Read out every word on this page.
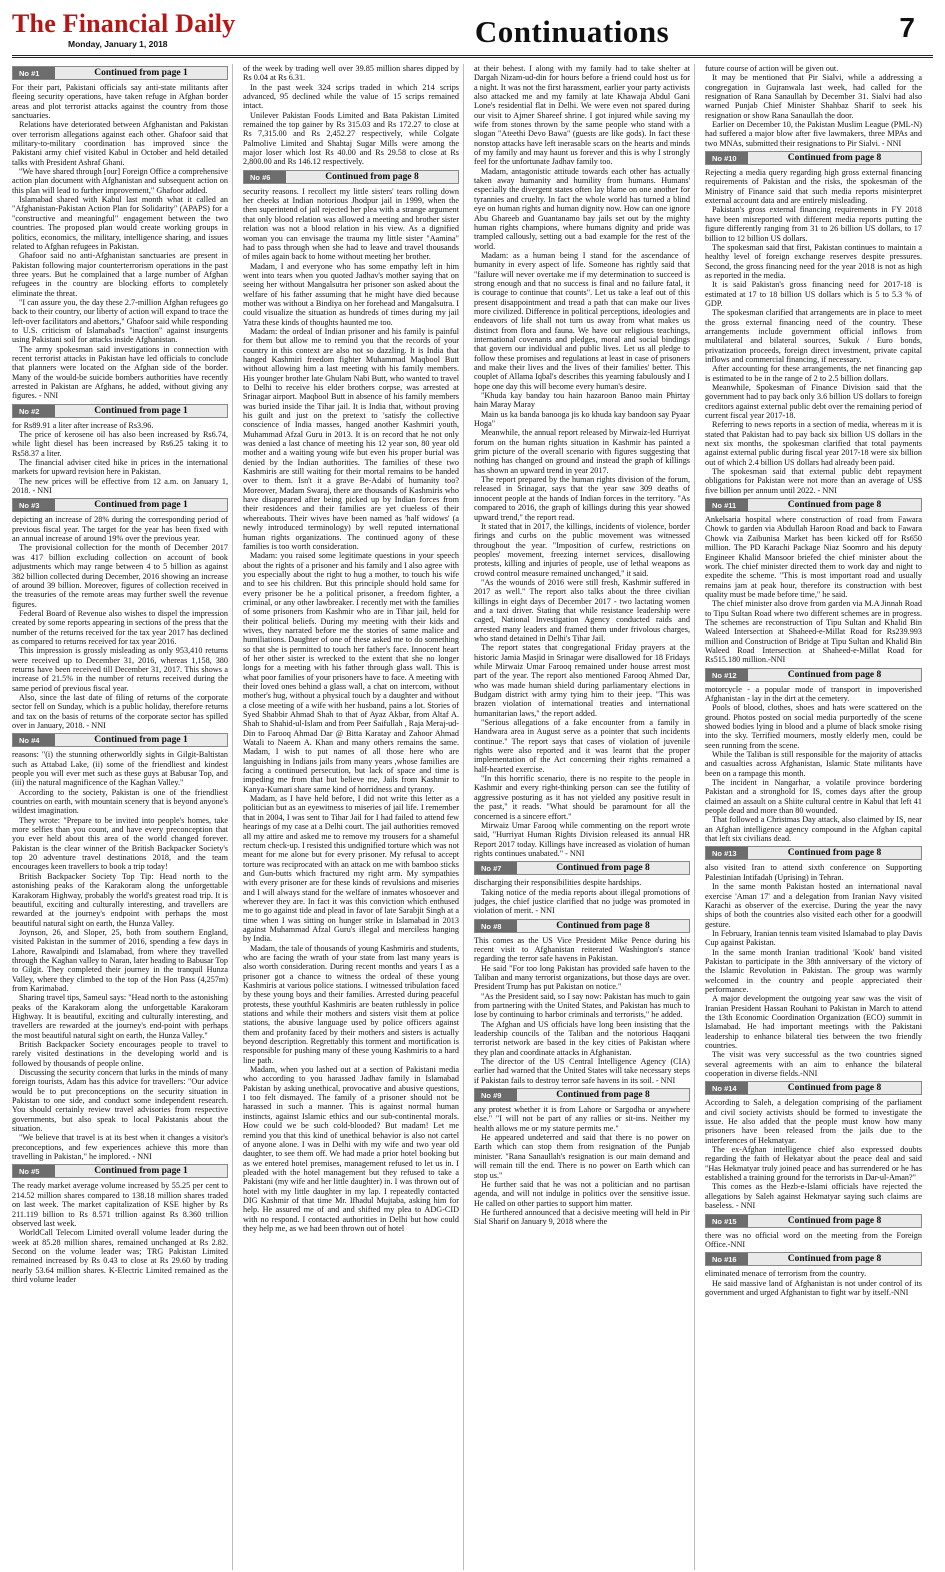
The Financial Daily
Monday, January 1, 2018	Continuations	7
No #1	Continued from page 1

For their part, Pakistani officials say anti-state militants after fleeing security operations, have taken refuge in Afghan border areas and plot terrorist attacks against the country from those sanctuaries.

Relations have deteriorated between Afghanistan and Pakistan over terrorism allegations against each other. Ghafoor said that military-to-military coordination has improved since the Pakistani army chief visited Kabul in October and held detailed talks with President Ashraf Ghani.

"We have shared through [our] Foreign Office a comprehensive action plan document with Afghanistan and subsequent action on this plan will lead to further improvement," Ghafoor added.

Islamabad shared with Kabul last month what it called an "Afghanistan-Pakistan Action Plan for Solidarity" (APAPS) for a "constructive and meaningful" engagement between the two countries. The proposed plan would create working groups in politics, economics, the military, intelligence sharing, and issues related to Afghan refugees in Pakistan.

Ghafoor said no anti-Afghanistan sanctuaries are present in Pakistan following major counterterrorism operations in the past three years. But he complained that a large number of Afghan refugees in the country are blocking efforts to completely eliminate the threat.

"I can assure you, the day these 2.7-million Afghan refugees go back to their country, our liberty of action will expand to trace the left-over facilitators and abettors," Ghafoor said while responding to U.S. criticism of Islamabad's "inaction" against insurgents using Pakistani soil for attacks inside Afghanistan.

The army spokesman said investigations in connection with recent terrorist attacks in Pakistan have led officials to conclude that planners were located on the Afghan side of the border. Many of the would-be suicide bombers authorities have recently arrested in Pakistan are Afghans, he added, without giving any figures. - NNI

No #2	Continued from page 1

for Rs89.91 a liter after increase of Rs3.96.

The price of kerosene oil has also been increased by Rs6.74, while light diesel has been increased by Rs6.25 taking it to Rs58.37 a liter.

The financial adviser cited hike in prices in the international markets for upward revision here in Pakistan.

The new prices will be effective from 12 a.m. on January 1, 2018. - NNI

No #3	Continued from page 1

depicting an increase of 28% during the corresponding period of previous fiscal year. The target for the year has been fixed with an annual increase of around 19% over the previous year.

The provisional collection for the month of December 2017 was 417 billion excluding collection on account of book adjustments which may range between 4 to 5 billion as against 382 billion collected during December, 2016 showing an increase of around 39 billion. Moreover, figures of collection received in the treasuries of the remote areas may further swell the revenue figures.

Federal Board of Revenue also wishes to dispel the impression created by some reports appearing in sections of the press that the number of the returns received for the tax year 2017 has declined as compared to returns received for tax year 2016.

This impression is grossly misleading as only 953,410 returns were received up to December 31, 2016, whereas 1,158, 380 returns have been received till December 31, 2017. This shows a increase of 21.5% in the number of returns received during the same period of previous fiscal year.

Also, since the last date of filing of returns of the corporate sector fell on Sunday, which is a public holiday, therefore returns and tax on the basis of returns of the corporate sector has spilled over in January, 2018. - NNI

No #4	Continued from page 1

reasons: "(i) the stunning otherworldly sights in Gilgit-Baltistan such as Attabad Lake, (ii) some of the friendliest and kindest people you will ever met such as these guys at Babusar Top, and (iii) the natural magnificence of the Kaghan Valley."

According to the society, Pakistan is one of the friendliest countries on earth, with mountain scenery that is beyond anyone's wildest imagination.

They wrote: "Prepare to be invited into people's homes, take more selfies than you count, and have every preconception that you ever held about this area of the world changed forever. Pakistan is the clear winner of the British Backpacker Society's top 20 adventure travel destinations 2018, and the team encourages keen travellers to book a trip today!

British Backpacker Society Top Tip: Head north to the astonishing peaks of the Karakoram along the unforgettable Karakoram Highway, probably the world's greatest road trip. It is beautiful, exciting and culturally interesting, and travellers are rewarded at the journey's endpoint with perhaps the most beautiful natural sight on earth, the Hunza Valley.

Joynson, 26, and Sloper, 25, both from southern England, visited Pakistan in the summer of 2016, spending a few days in Lahore, Rawalpindi and Islamabad, from where they travelled through the Kaghan valley to Naran, later heading to Babusar Top to Gilgit. They completed their journey in the tranquil Hunza Valley, where they climbed to the top of the Hon Pass (4,257m) from Karimabad.

Sharing travel tips, Sameul says: "Head north to the astonishing peaks of the Karakoram along the unforgettable Karakoram Highway. It is beautiful, exciting and culturally interesting, and travellers are rewarded at the journey's end-point with perhaps the most beautiful natural sight on earth, the Hunza Valley."

British Backpacker Society encourages people to travel to rarely visited destinations in the developing world and is followed by thousands of people online.

Discussing the security concern that lurks in the minds of many foreign tourists, Adam has this advice for travellers: "Our advice would be to put preconceptions on the security situation in Pakistan to one side, and conduct some independent research. You should certainly review travel advisories from respective governments, but also speak to local Pakistanis about the situation.

"We believe that travel is at its best when it changes a visitor's preconceptions, and few experiences achieve this more than travelling in Pakistan," he implored. - NNI

No #5	Continued from page 1

The ready market average volume increased by 55.25 per cent to 214.52 million shares compared to 138.18 million shares traded on last week. The market capitalization of KSE higher by Rs 211.119 billion to Rs 8.571 trillion against Rs 8.360 trillion observed last week.

WorldCall Telecom Limited overall volume leader during the week at 85.28 million shares, remained unchanged at Rs 2.82. Second on the volume leader was; TRG Pakistan Limited remained increased by Rs 0.43 to close at Rs 29.60 by trading nearly 53.64 million shares. K-Electric Limited remained as the third volume leader

of the week by trading well over 39.85 million shares dipped by Rs 0.04 at Rs 6.31.

In the past week 324 scrips traded in which 214 scrips advanced, 95 declined while the value of 15 scrips remained intact.

Unilever Pakistan Foods Limited and Bata Pakistan Limited remained the top gainer by Rs 315.03 and Rs 172.27 to close at Rs 7,315.00 and Rs 2,452.27 respectively, while Colgate Palmolive Limited and Shahtaj Sugar Mills were among the major loser which lost Rs 40.00 and Rs 29.58 to close at Rs 2,800.00 and Rs 146.12 respectively.

No #6	Continued from page 8

security reasons. I recollect my little sisters' tears rolling down her cheeks at Indian notorious Jhodpur jail in 1999, when the then superintend of jail rejected her plea with a strange argument that only blood relation was allowed a meeting and brother sister relation was not a blood relation in his view. As a dignified woman you can envisage the trauma my little sister "Aamina" had to pass through when she had to leave and travel thousands of miles again back to home without meeting her brother.

Madam, I and everyone who has some empathy left in him went into tears when you quoted Jadhav's mother saying that on seeing her without Mangalsutra her prisoner son asked about the welfare of his father assuming that he might have died because mother was without a Bindiya on her forehead and Mangalsutra. I could visualize the situation as hundreds of times during my jail Yatra these kinds of thoughts haunted me too.

Madam: the ordeal of Indian prisoner and his family is painful for them but allow me to remind you that the records of your country in this context are also not so dazzling. It is India that hanged Kashmiri freedom fighter Muhammad Maqbool Butt without allowing him a last meeting with his family members. His younger brother late Ghulam Nabi Butt, who wanted to travel to Delhi to receive his elder brothers corpse, was arrested at Srinagar airport. Maqbool Butt in absence of his family members was buried inside the Tihar jail. It is India that, without proving his guilt and just on the pretext to 'satisfy the collective conscience of India masses, hanged another Kashmiri youth, Muhammad Afzal Guru in 2013. It is on record that he not only was denied a last chance of meeting his 12 year son, 80 year old mother and a waiting young wife but even his proper burial was denied by the Indian authorities. The families of these two Kashmiris are still waiting for their mortal remains to be handed over to them. Isn't it a grave Be-Adabi of humanity too? Moreover, Madam Swaraj, there are thousands of Kashmiris who have disappeared after being picked up by Indian forces from their residences and their families are yet clueless of their whereabouts. Their wives have been named as 'half widows' (a newly introduced terminology) by well reputed international human rights organizations. The continued agony of these families is too worth consideration.

Madam: you raised some legitimate questions in your speech about the rights of a prisoner and his family and I also agree with you especially about the right to hug a mother, to touch his wife and to see his children. But this principle should hold same for every prisoner be he a political prisoner, a freedom fighter, a criminal, or any other lawbreaker. I recently met with the families of some prisoners from Kashmir who are in Tihar jail, held for their political beliefs. During my meeting with their kids and wives, they narrated before me the stories of same malice and humiliations. Daughter of one of these asked me to do something so that she is permitted to touch her father's face. Innocent heart of her other sister is wrecked to the extent that she no longer longs for a meeting with his father through glass wall. This is what poor families of your prisoners have to face. A meeting with their loved ones behind a glass wall, a chat on intercom, without mother's hug, without a physical touch by a daughter and without a close meeting of a wife with her husband, pains a lot. Stories of Syed Shabbir Ahmad Shah to that of Ayaz Akbar, from Altaf A. Shah to Shahid-ul-Islam and from Peer Saifullah , Raja Meraj-ud-Din to Farooq Ahmad Dar @ Bitta Karatay and Zahoor Ahmad Watali to Naeem A. Khan and many others remains the same. Madam, I wish to put names of all those here who are languishing in Indians jails from many years ,whose families are facing a continued persecution, but lack of space and time is impeding me from that but believe me, Jails from Kashmir to Kanya-Kumari share same kind of horridness and tyranny.

Madam, as I have held before, I did not write this letter as a politician but as an eyewitness to miseries of jail life. I remember that in 2004, I was sent to Tihar Jail for I had failed to attend few hearings of my case at a Delhi court. The jail authorities removed all my attire and asked me to remove my trousers for a shameful rectum check-up. I resisted this undignified torture which was not meant for me alone but for every prisoner. My refusal to accept torture was reciprocated with an attack on me with bamboo sticks and Gun-butts which fractured my right arm. My sympathies with every prisoner are for these kinds of revulsions and miseries and I will always stand for the welfare of inmates whosoever and wherever they are. In fact it was this conviction which enthused me to go against tide and plead in favor of late Sarabjit Singh at a time when I was sitting on hunger strike in Islamabad in 2013 against Muhammad Afzal Guru's illegal and merciless hanging by India.

Madam, the tale of thousands of young Kashmiris and students, who are facing the wrath of your state from last many years is also worth consideration. During recent months and years I as a prisoner got a chance to witness the ordeal of these young Kashmiris at various police stations. I witnessed tribulation faced by these young boys and their families. Arrested during peaceful protests, these youthful Kashmiris are beaten ruthlessly in police stations and while their mothers and sisters visit them at police stations, the abusive language used by police officers against them and profanity faced by their mothers and sisters is actually beyond description. Regrettably this torment and mortification is responsible for pushing many of these young Kashmiris to a hard line path.

Madam, when you lashed out at a section of Pakistani media who according to you harassed Jadhav family in Islamabad Pakistan by asking unethical, provocative and abusive questions, I too felt dismayed. The family of a prisoner should not be harassed in such a manner. This is against normal human instincts, against Islamic ethics and our sub-continental morals. How could we be such cold-blooded? But madam! Let me remind you that this kind of unethical behavior is also not cartel of anyone alone. I was in Delhi with my wife and two year old daughter, to see them off. We had made a prior hotel booking but as we entered hotel premises, management refused to let us in. I pleaded with the hotel management but they refused to take a Pakistani (my wife and her little daughter) in. I was thrown out of hotel with my little daughter in my lap. I repeatedly contacted DIG Kashmir of that time Mr. Ifhadul Mujtaba, asking him for help. He assured me of and and shifted my plea to ADG-CID with no respond. I contacted authorities in Delhi but how could they help me, as we had been thrown out of hotel

at their behest. I along with my family had to take shelter at Dargah Nizam-ud-din for hours before a friend could host us for a night. It was not the first harassment, earlier your party activists also attacked me and my family at late Khawaja Abdul Gani Lone's residential flat in Delhi. We were even not spared during our visit to Ajmer Shareef shrine. I got injured while saving my wife from stones thrown by the same people who stand with a slogan "Ateethi Devo Bawa" (guests are like gods). In fact these nonstop attacks have left inerasable scars on the hearts and minds of my family and may haunt us forever and this is why I strongly feel for the unfortunate Jadhav family too.

Madam, antagonistic attitude towards each other has actually taken away humanity and humility from humans. Humans' especially the divergent states often lay blame on one another for tyrannies and cruelty. In fact the whole world has turned a blind eye on human rights and human dignity now. How can one ignore Abu Ghareeb and Guantanamo bay jails set out by the mighty human rights champions, where humans dignity and pride was trampled callously, setting out a bad example for the rest of the world.

Madam: as a human being I stand for the ascendance of humanity in every aspect of life. Someone has rightly said that "failure will never overtake me if my determination to succeed is strong enough and that no success is final and no failure fatal, it is courage to continue that counts". Let us take a leaf out of this present disappointment and tread a path that can make our lives more civilized. Difference in political perceptions, ideologies and endeavors of life shall not turn us away from what makes us distinct from flora and fauna. We have our religious teachings, international covenants and pledges, moral and social bindings that govern our individual and public lives. Let us all pledge to follow these promises and regulations at least in case of prisoners and make their lives and the lives of their families' better. This couplet of Allama Iqbal's describes this yearning fabulously and I hope one day this will become every human's desire.

"Khuda kay banday tou hain hazaroon Banoo main Phirtay hain Maray Maray

Main us ka banda banooga jis ko khuda kay bandoon say Pyaar Hoga"

Meanwhile, the annual report released by Mirwaiz-led Hurriyat forum on the human rights situation in Kashmir has painted a grim picture of the overall scenario with figures suggesting that nothing has changed on ground and instead the graph of killings has shown an upward trend in year 2017.

The report prepared by the human rights division of the forum, released in Srinagar, says that the year saw 309 deaths of innocent people at the hands of Indian forces in the territory. "As compared to 2016, the graph of killings during this year showed upward trend," the report read.

It stated that in 2017, the killings, incidents of violence, border firings and curbs on the public movement was witnessed throughout the year. "Imposition of curfew, restrictions on peoples' movement, freezing internet services, disallowing protests, killing and injuries of people, use of lethal weapons as crowd control measure remained unchanged," it said.

"As the wounds of 2016 were still fresh, Kashmir suffered in 2017 as well." The report also talks about the three civilian killings in eight days of December 2017 - two lactating women and a taxi driver. Stating that while resistance leadership were caged, National Investigation Agency conducted raids and arrested many leaders and framed them under frivolous charges, who stand detained in Delhi's Tihar Jail.

The report states that congregational Friday prayers at the historic Jamia Masjid in Srinagar were disallowed for 18 Fridays while Mirwaiz Umar Farooq remained under house arrest most part of the year. The report also mentioned Farooq Ahmed Dar, who was made human shield during parliamentary elections in Budgam district with army tying him to their jeep. "This was brazen violation of international treaties and international humanitarian laws," the report added.

"Serious allegations of a fake encounter from a family in Handwara area in August serve as a pointer that such incidents continue." The report says that cases of violation of juvenile rights were also reported and it was learnt that the proper implementation of the Act concerning their rights remained a half-hearted exercise.

"In this horrific scenario, there is no respite to the people in Kashmir and every right-thinking person can see the futility of aggressive posturing as it has not yielded any positive result in the past," it reads. "What should be paramount for all the concerned is a sincere effort."

Mirwaiz Umar Farooq while commenting on the report wrote said, "Hurriyat Human Rights Division released its annual HR Report 2017 today. Killings have increased as violation of human rights continues unabated." - NNI

No #7	Continued from page 8

discharging their responsibilities despite hardships.

Taking notice of the media reports about illegal promotions of judges, the chief justice clarified that no judge was promoted in violation of merit. - NNI

No #8	Continued from page 8

This comes as the US Vice President Mike Pence during his recent visit to Afghanistan reiterated Washington's stance regarding the terror safe havens in Pakistan.

He said "For too long Pakistan has provided safe haven to the Taliban and many terrorist organizations, but those days are over. President Trump has put Pakistan on notice."

"As the President said, so I say now: Pakistan has much to gain from partnering with the United States, and Pakistan has much to lose by continuing to harbor criminals and terrorists," he added.

The Afghan and US officials have long been insisting that the leadership councils of the Taliban and the notorious Haqqani terrorist network are based in the key cities of Pakistan where they plan and coordinate attacks in Afghanistan.

The director of the US Central Intelligence Agency (CIA) earlier had warned that the United States will take necessary steps if Pakistan fails to destroy terror safe havens in its soil. - NNI

No #9	Continued from page 8

any protest whether it is from Lahore or Sargodha or anywhere else." "I will not be part of any rallies or sit-ins. Neither my health allows me or my stature permits me."

He appeared undeterred and said that there is no power on Earth which can stop them from resignation of the Punjab minister. "Rana Sanaullah's resignation is our main demand and will remain till the end. There is no power on Earth which can stop us."

He further said that he was not a politician and no partisan agenda, and will not indulge in politics over the sensitive issue. He called on other parties to support him matter.

He furthered announced that a decisive meeting will held in Pir Sial Sharif on January 9, 2018 where the

future course of action will be given out.

It may be mentioned that Pir Sialvi, while a addressing a congregation in Gujranwala last week, had called for the resignation of Rana Sanaullah by December 31. Sialvi had also warned Punjab Chief Minister Shahbaz Sharif to seek his resignation or show Rana Sanaullah the door.

Earlier on December 10, the Pakistan Muslim League (PML-N) had suffered a major blow after five lawmakers, three MPAs and two MNAs, submitted their resignations to Pir Sialvi. - NNI

No #10	Continued from page 8

Rejecting a media query regarding high gross external financing requirements of Pakistan and the risks, the spokesman of the Ministry of Finance said that such media reports misinterpret external account data and are entirely misleading.

Pakistan's gross external financing requirements in FY 2018 have been misreported with different media reports putting the figure differently ranging from 31 to 26 billion US dollars, to 17 billion to 12 billion US dollars.

The spokesman said that first, Pakistan continues to maintain a healthy level of foreign exchange reserves despite pressures. Second, the gross financing need for the year 2018 is not as high as reported in the media.

It is said Pakistan's gross financing need for 2017-18 is estimated at 17 to 18 billion US dollars which is 5 to 5.3 % of GDP.

The spokesman clarified that arrangements are in place to meet the gross external financing need of the country. These arrangements include government official inflows from multilateral and bilateral sources, Sukuk / Euro bonds, privatization proceeds, foreign direct investment, private capital inflows and commercial financing, if necessary.

After accounting for these arrangements, the net financing gap is estimated to be in the range of 2 to 2.5 billion dollars.

Meanwhile, Spokesman of Finance Division said that the government had to pay back only 3.6 billion US dollars to foreign creditors against external public debt over the remaining period of current fiscal year 2017-18.

Referring to news reports in a section of media, whereas m it is stated that Pakistan had to pay back six billion US dollars in the next six months, the spokesman clarified that total payments against external public during fiscal year 2017-18 were six billion out of which 2.4 billion US dollars had already been paid.

The spokesman said that external public debt repayment obligations for Pakistan were not more than an average of US$ five billion per annum until 2022. - NNI

No #11	Continued from page 8

Ankelsaria hospital where construction of road from Fawara Chowk to garden via Abdullah Haroon Road and back to Fawara Chowk via Zaibunisa Market has been kicked off for Rs650 million. The PD Karachi Package Niaz Soomro and his deputy Engineer Khalid Mansoor briefed the chief minister about the work. The chief minister directed them to work day and night to expedite the scheme. "This is most important road and usually remains jam at peak hour, therefore its construction with best quality must be made before time," he said.

The chief minister also drove from garden via M.A Jinnah Road to Tipu Sultan Road where two different schemes are in progress. The schemes are reconstruction of Tipu Sultan and Khalid Bin Waleed Intersection at Shaheed-e-Millat Road for Rs239.993 million and Construction of Bridge at Tipu Sultan and Khalid Bin Waleed Road Intersection at Shaheed-e-Millat Road for Rs515.180 million.-NNI

No #12	Continued from page 8

motorcycle - a popular mode of transport in impoverished Afghanistan - lay in the dirt at the cemetery.

Pools of blood, clothes, shoes and hats were scattered on the ground. Photos posted on social media purportedly of the scene showed bodies lying in blood and a plume of black smoke rising into the sky. Terrified mourners, mostly elderly men, could be seen running from the scene.

While the Taliban is still responsible for the majority of attacks and casualties across Afghanistan, Islamic State militants have been on a rampage this month.

The incident in Nangarhar, a volatile province bordering Pakistan and a stronghold for IS, comes days after the group claimed an assault on a Shiite cultural centre in Kabul that left 41 people dead and more than 80 wounded.

That followed a Christmas Day attack, also claimed by IS, near an Afghan intelligence agency compound in the Afghan capital that left six civilians dead.

No #13	Continued from page 8

also visited Iran to attend sixth conference on Supporting Palestinian Intifadah (Uprising) in Tehran.

In the same month Pakistan hosted an international naval exercise 'Aman 17' and a delegation from Iranian Navy visited Karachi as observer of the exercise. During the year the navy ships of both the countries also visited each other for a goodwill gesture.

In February, Iranian tennis team visited Islamabad to play Davis Cup against Pakistan.

In the same month Iranian traditional 'Kook' band visited Pakistan to participate in the 38th anniversary of the victory of the Islamic Revolution in Pakistan. The group was warmly welcomed in the country and people appreciated their performance.

A major development the outgoing year saw was the visit of Iranian President Hassan Rouhani to Pakistan in March to attend the 13th Economic Coordination Organization (ECO) summit in Islamabad. He had important meetings with the Pakistani leadership to enhance bilateral ties between the two friendly countries.

The visit was very successful as the two countries signed several agreements with an aim to enhance the bilateral cooperation in diverse fields.-NNI

No #14	Continued from page 8

According to Saleh, a delegation comprising of the parliament and civil society activists should be formed to investigate the issue. He also added that the people must know how many prisoners have been released from the jails due to the interferences of Hekmatyar.

The ex-Afghan intelligence chief also expressed doubts regarding the faith of Hekatyar about the peace deal and said "Has Hekmatyar truly joined peace and has surrendered or he has established a training ground for the terrorists in Dar-ul-Aman?"

This comes as the Hezb-e-Islami officials have rejected the allegations by Saleh against Hekmatyar saying such claims are baseless. - NNI

No #15	Continued from page 8

there was no official word on the meeting from the Foreign Office.-NNI

No #16	Continued from page 8

eliminated menace of terrorism from the country.

He said massive land of Afghanistan is not under control of its government and urged Afghanistan to fight war by itself.-NNI
